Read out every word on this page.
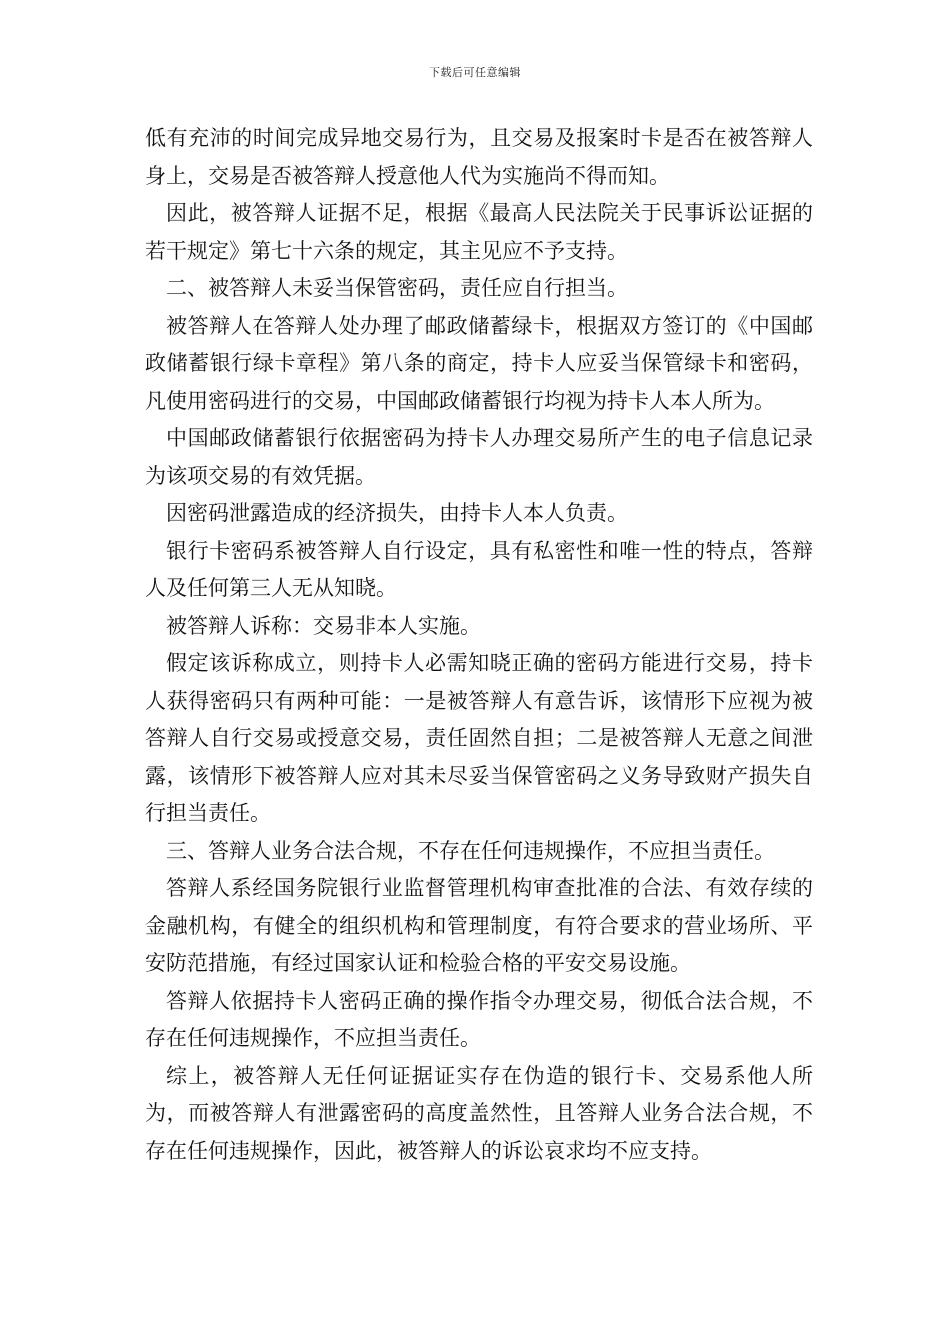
下载后可任意编辑

低有充沛的时间完成异地交易行为，且交易及报案时卡是否在被答辩人身上，交易是否被答辩人授意他人代为实施尚不得而知。

因此，被答辩人证据不足，根据《最高人民法院关于民事诉讼证据的若干规定》第七十六条的规定，其主见应不予支持。

二、被答辩人未妥当保管密码，责任应自行担当。

被答辩人在答辩人处办理了邮政储蓄绿卡，根据双方签订的《中国邮政储蓄银行绿卡章程》第八条的商定，持卡人应妥当保管绿卡和密码，凡使用密码进行的交易，中国邮政储蓄银行均视为持卡人本人所为。

中国邮政储蓄银行依据密码为持卡人办理交易所产生的电子信息记录为该项交易的有效凭据。

因密码泄露造成的经济损失，由持卡人本人负责。

银行卡密码系被答辩人自行设定，具有私密性和唯一性的特点，答辩人及任何第三人无从知晓。

被答辩人诉称：交易非本人实施。

假定该诉称成立，则持卡人必需知晓正确的密码方能进行交易，持卡人获得密码只有两种可能：一是被答辩人有意告诉，该情形下应视为被答辩人自行交易或授意交易，责任固然自担；二是被答辩人无意之间泄露，该情形下被答辩人应对其未尽妥当保管密码之义务导致财产损失自行担当责任。

三、答辩人业务合法合规，不存在任何违规操作，不应担当责任。

答辩人系经国务院银行业监督管理机构审查批准的合法、有效存续的金融机构，有健全的组织机构和管理制度，有符合要求的营业场所、平安防范措施，有经过国家认证和检验合格的平安交易设施。

答辩人依据持卡人密码正确的操作指令办理交易，彻低合法合规，不存在任何违规操作，不应担当责任。

综上，被答辩人无任何证据证实存在伪造的银行卡、交易系他人所为，而被答辩人有泄露密码的高度盖然性，且答辩人业务合法合规，不存在任何违规操作，因此，被答辩人的诉讼哀求均不应支持。
